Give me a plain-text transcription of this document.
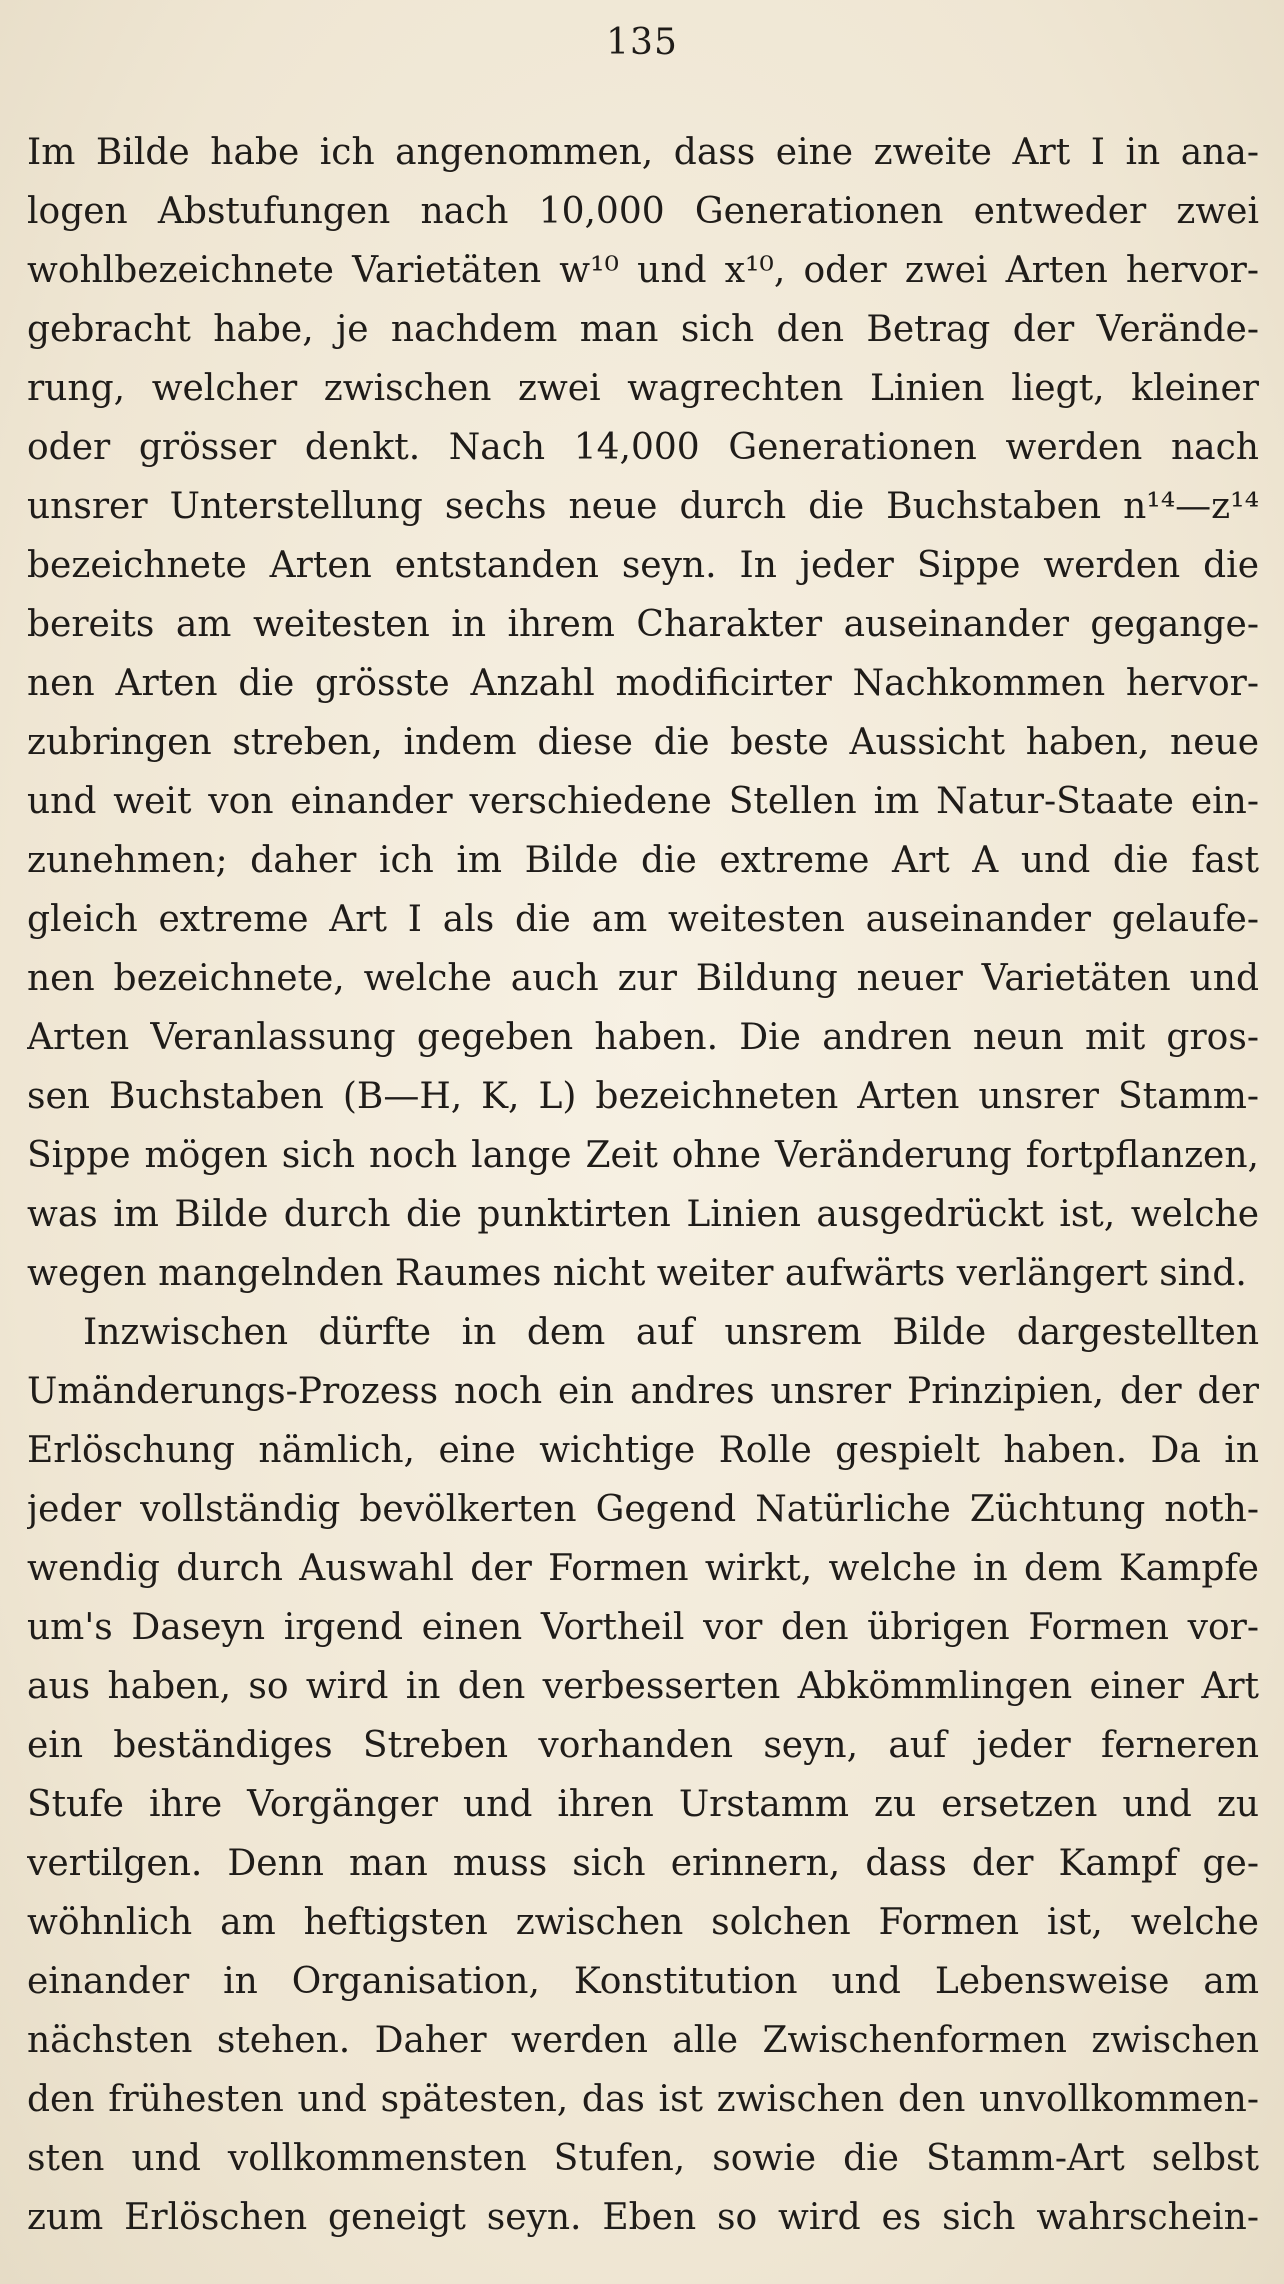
135
Im Bilde habe ich angenommen, dass eine zweite Art I in ana-
logen Abstufungen nach 10,000 Generationen entweder zwei
wohlbezeichnete Varietäten w¹⁰ und x¹⁰, oder zwei Arten hervor-
gebracht habe, je nachdem man sich den Betrag der Verände-
rung, welcher zwischen zwei wagrechten Linien liegt, kleiner
oder grösser denkt. Nach 14,000 Generationen werden nach
unsrer Unterstellung sechs neue durch die Buchstaben n¹⁴—z¹⁴
bezeichnete Arten entstanden seyn. In jeder Sippe werden die
bereits am weitesten in ihrem Charakter auseinander gegange-
nen Arten die grösste Anzahl modificirter Nachkommen hervor-
zubringen streben, indem diese die beste Aussicht haben, neue
und weit von einander verschiedene Stellen im Natur-Staate ein-
zunehmen; daher ich im Bilde die extreme Art A und die fast
gleich extreme Art I als die am weitesten auseinander gelaufe-
nen bezeichnete, welche auch zur Bildung neuer Varietäten und
Arten Veranlassung gegeben haben. Die andren neun mit gros-
sen Buchstaben (B—H, K, L) bezeichneten Arten unsrer Stamm-
Sippe mögen sich noch lange Zeit ohne Veränderung fortpflanzen,
was im Bilde durch die punktirten Linien ausgedrückt ist, welche
wegen mangelnden Raumes nicht weiter aufwärts verlängert sind.
Inzwischen dürfte in dem auf unsrem Bilde dargestellten
Umänderungs-Prozess noch ein andres unsrer Prinzipien, der der
Erlöschung nämlich, eine wichtige Rolle gespielt haben. Da in
jeder vollständig bevölkerten Gegend Natürliche Züchtung noth-
wendig durch Auswahl der Formen wirkt, welche in dem Kampfe
um's Daseyn irgend einen Vortheil vor den übrigen Formen vor-
aus haben, so wird in den verbesserten Abkömmlingen einer Art
ein beständiges Streben vorhanden seyn, auf jeder ferneren
Stufe ihre Vorgänger und ihren Urstamm zu ersetzen und zu
vertilgen. Denn man muss sich erinnern, dass der Kampf ge-
wöhnlich am heftigsten zwischen solchen Formen ist, welche
einander in Organisation, Konstitution und Lebensweise am
nächsten stehen. Daher werden alle Zwischenformen zwischen
den frühesten und spätesten, das ist zwischen den unvollkommen-
sten und vollkommensten Stufen, sowie die Stamm-Art selbst
zum Erlöschen geneigt seyn. Eben so wird es sich wahrschein-
